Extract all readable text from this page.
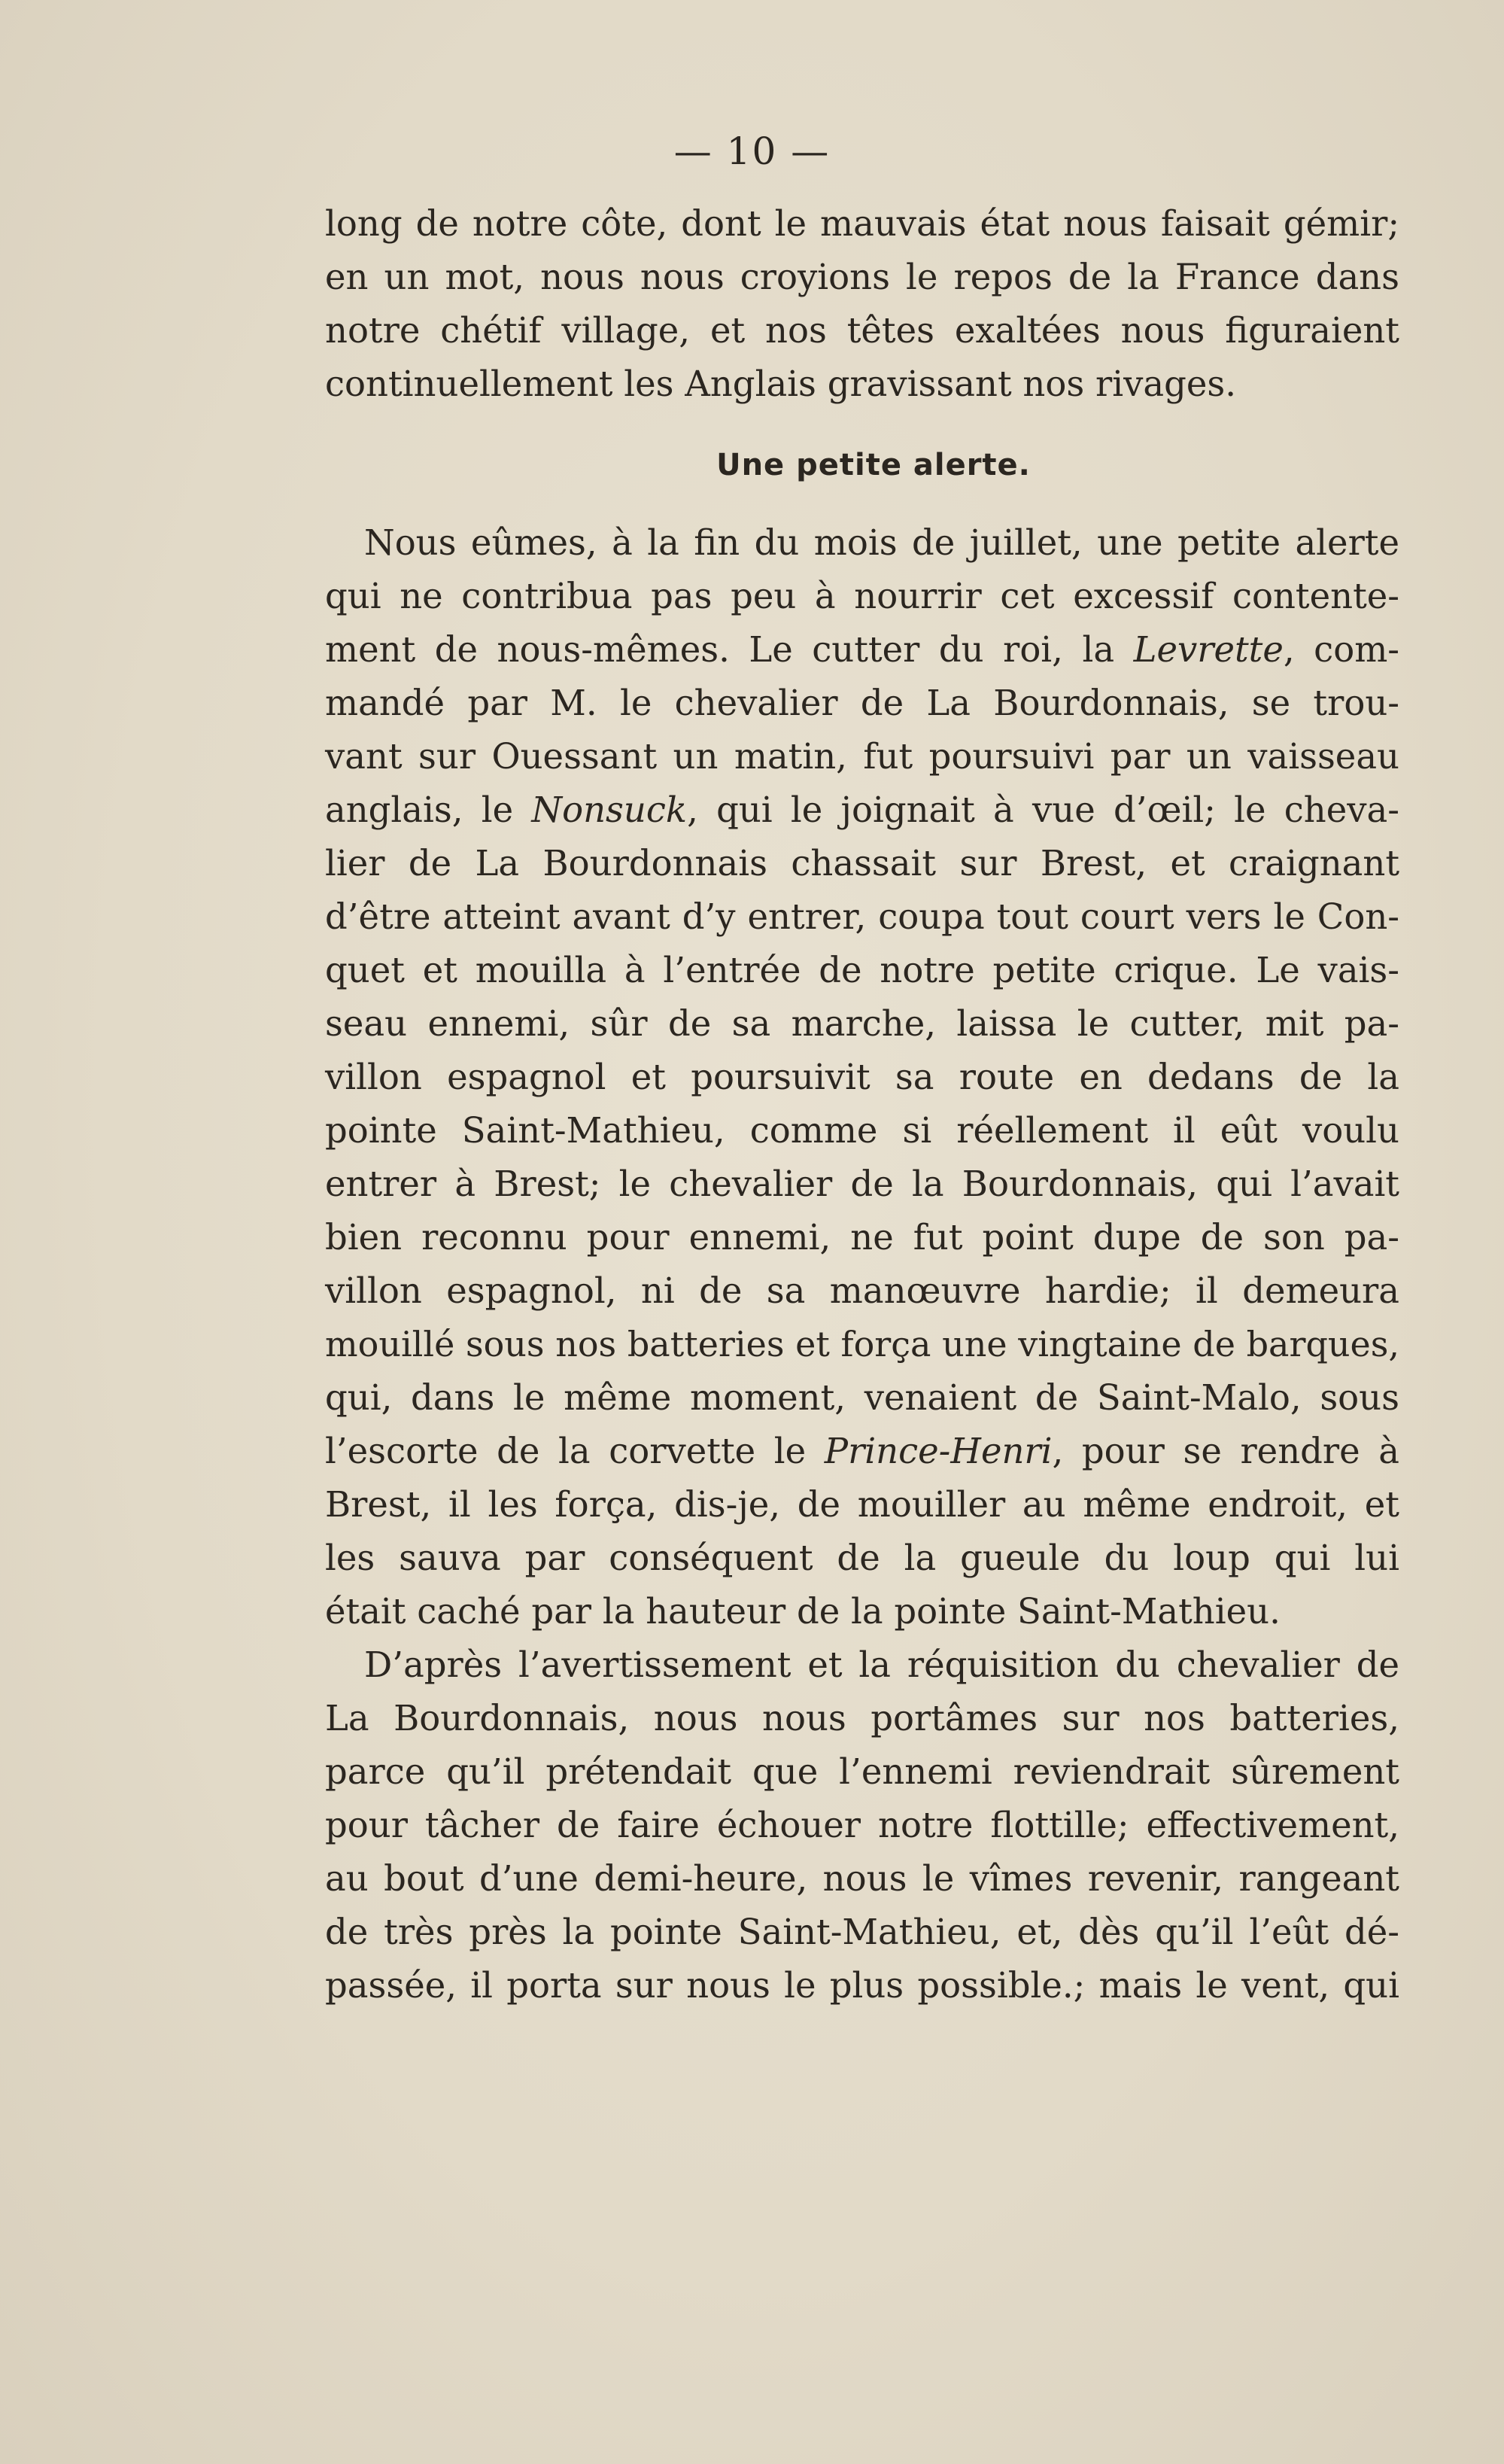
— 10 —
long de notre côte, dont le mauvais état nous faisait gémir;
en un mot, nous nous croyions le repos de la France dans
notre chétif village, et nos têtes exaltées nous figuraient
continuellement les Anglais gravissant nos rivages.
Une petite alerte.
Nous eûmes, à la fin du mois de juillet, une petite alerte
qui ne contribua pas peu à nourrir cet excessif contente-
ment de nous-mêmes. Le cutter du roi, la Levrette, com-
mandé par M. le chevalier de La Bourdonnais, se trou-
vant sur Ouessant un matin, fut poursuivi par un vaisseau
anglais, le Nonsuck, qui le joignait à vue d’œil; le cheva-
lier de La Bourdonnais chassait sur Brest, et craignant
d’être atteint avant d’y entrer, coupa tout court vers le Con-
quet et mouilla à l’entrée de notre petite crique. Le vais-
seau ennemi, sûr de sa marche, laissa le cutter, mit pa-
villon espagnol et poursuivit sa route en dedans de la
pointe Saint-Mathieu, comme si réellement il eût voulu
entrer à Brest; le chevalier de la Bourdonnais, qui l’avait
bien reconnu pour ennemi, ne fut point dupe de son pa-
villon espagnol, ni de sa manœuvre hardie; il demeura
mouillé sous nos batteries et força une vingtaine de barques,
qui, dans le même moment, venaient de Saint-Malo, sous
l’escorte de la corvette le Prince-Henri, pour se rendre à
Brest, il les força, dis-je, de mouiller au même endroit, et
les sauva par conséquent de la gueule du loup qui lui
était caché par la hauteur de la pointe Saint-Mathieu.
D’après l’avertissement et la réquisition du chevalier de
La Bourdonnais, nous nous portâmes sur nos batteries,
parce qu’il prétendait que l’ennemi reviendrait sûrement
pour tâcher de faire échouer notre flottille; effectivement,
au bout d’une demi-heure, nous le vîmes revenir, rangeant
de très près la pointe Saint-Mathieu, et, dès qu’il l’eût dé-
passée, il porta sur nous le plus possible.; mais le vent, qui
